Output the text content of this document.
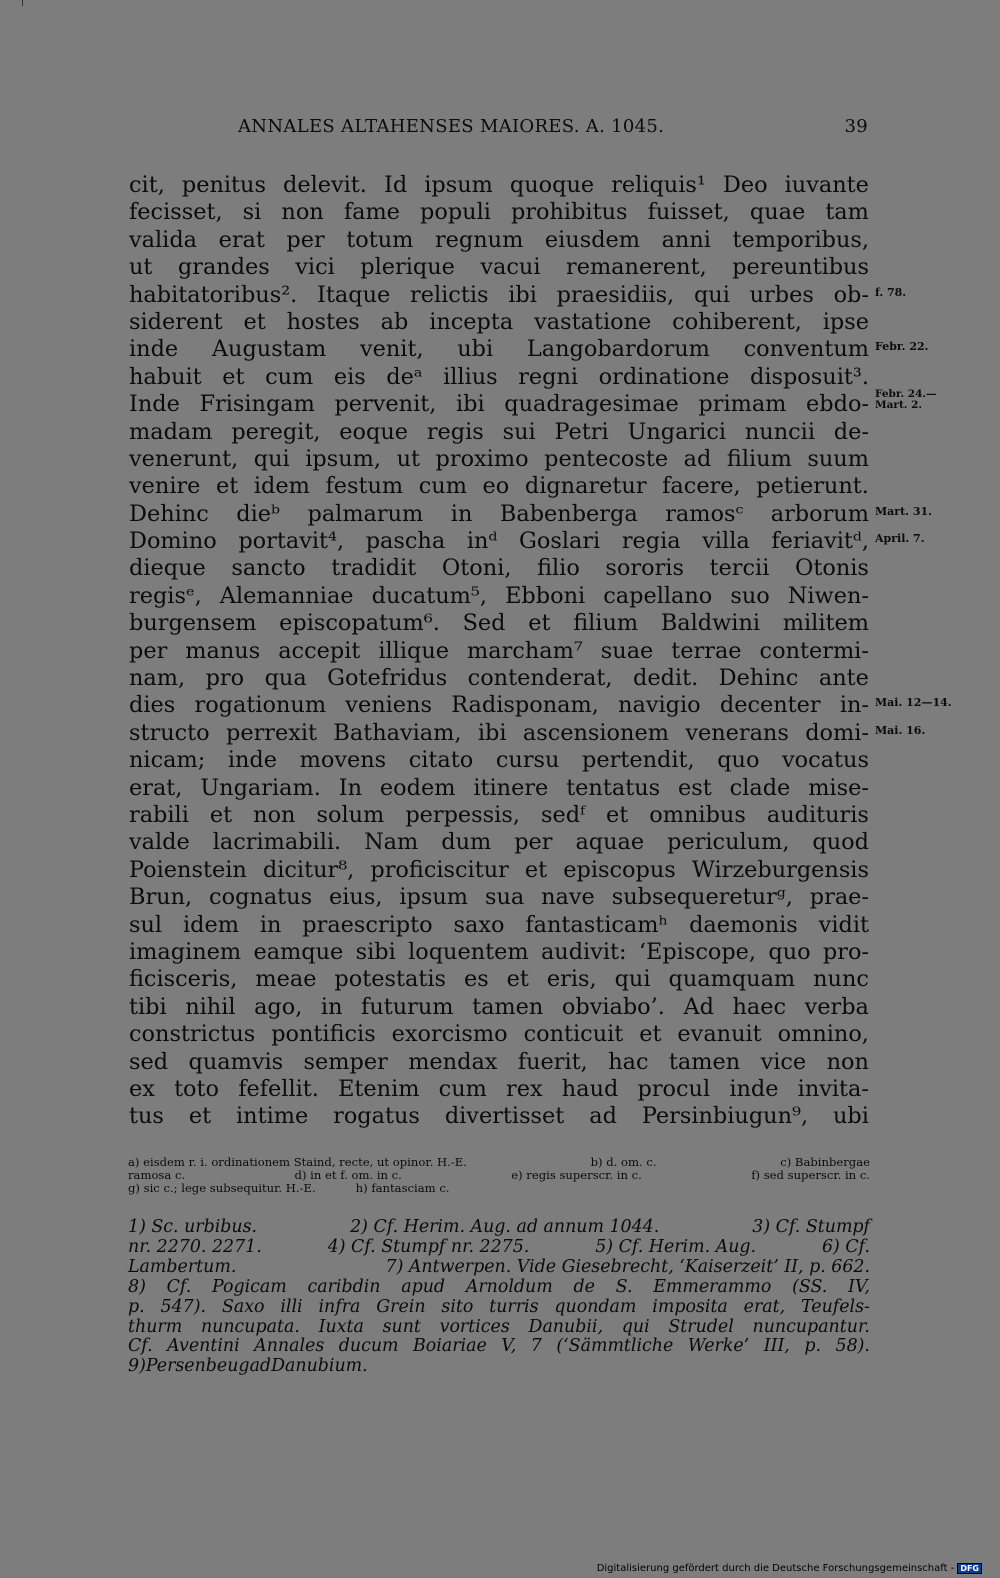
ANNALES ALTAHENSES MAIORES. A. 1045.	39
cit, penitus delevit. Id ipsum quoque reliquis¹ Deo iuvante
fecisset, si non fame populi prohibitus fuisset, quae tam
valida erat per totum regnum eiusdem anni temporibus,
ut grandes vici plerique vacui remanerent, pereuntibus
habitatoribus². Itaque relictis ibi praesidiis, qui urbes ob- f. 78.
siderent et hostes ab incepta vastatione cohiberent, ipse
inde Augustam venit, ubi Langobardorum conventum Febr. 22.
habuit et cum eis deᵃ illius regni ordinatione disposuit³.
Inde Frisingam pervenit, ibi quadragesimae primam ebdo- Febr. 24.—
Mart. 2.
madam peregit, eoque regis sui Petri Ungarici nuncii de-
venerunt, qui ipsum, ut proximo pentecoste ad filium suum
venire et idem festum cum eo dignaretur facere, petierunt.
Dehinc dieᵇ palmarum in Babenberga ramosᶜ arborum Mart. 31.
Domino portavit⁴, pascha inᵈ Goslari regia villa feriavitᵈ, April. 7.
dieque sancto tradidit Otoni, filio sororis tercii Otonis
regisᵉ, Alemanniae ducatum⁵, Ebboni capellano suo Niwen-
burgensem episcopatum⁶. Sed et filium Baldwini militem
per manus accepit illique marcham⁷ suae terrae contermi-
nam, pro qua Gotefridus contenderat, dedit. Dehinc ante
dies rogationum veniens Radisponam, navigio decenter in- Mai. 12—14.
structo perrexit Bathaviam, ibi ascensionem venerans domi- Mai. 16.
nicam; inde movens citato cursu pertendit, quo vocatus
erat, Ungariam. In eodem itinere tentatus est clade mise-
rabili et non solum perpessis, sedᶠ et omnibus audituris
valde lacrimabili. Nam dum per aquae periculum, quod
Poienstein dicitur⁸, proficiscitur et episcopus Wirzeburgensis
Brun, cognatus eius, ipsum sua nave subsequereturᵍ, prae-
sul idem in praescripto saxo fantasticamʰ daemonis vidit
imaginem eamque sibi loquentem audivit: ‘Episcope, quo pro-
ficisceris, meae potestatis es et eris, qui quamquam nunc
tibi nihil ago, in futurum tamen obviabo’. Ad haec verba
constrictus pontificis exorcismo conticuit et evanuit omnino,
sed quamvis semper mendax fuerit, hac tamen vice non
ex toto fefellit. Etenim cum rex haud procul inde invita-
tus et intime rogatus divertisset ad Persinbiugun⁹, ubi
a) eisdem r. i. ordinationem Staind, recte, ut opinor. H.-E.	b) d. om. c.	c) Babinbergae
ramosa c.	d) in et f. om. in c.	e) regis superscr. in c.	f) sed superscr. in c.
g) sic c.; lege subsequitur. H.-E.	h) fantasciam c.
1) Sc. urbibus.	2) Cf. Herim. Aug. ad annum 1044.	3) Cf. Stumpf
nr. 2270. 2271.	4) Cf. Stumpf nr. 2275.	5) Cf. Herim. Aug.	6) Cf.
Lambertum.	7) Antwerpen. Vide Giesebrecht, ‘Kaiserzeit’ II, p. 662.
8) Cf. Pogicam caribdin apud Arnoldum de S. Emmerammo (SS. IV,
p. 547). Saxo illi infra Grein sito turris quondam imposita erat, Teufels-
thurm nuncupata. Iuxta sunt vortices Danubii, qui Strudel nuncupantur.
Cf. Aventini Annales ducum Boiariae V, 7 (‘Sämmtliche Werke’ III, p. 58).
9) Persenbeug ad Danubium.
Digitalisierung gefördert durch die Deutsche Forschungsgemeinschaft - DFG
